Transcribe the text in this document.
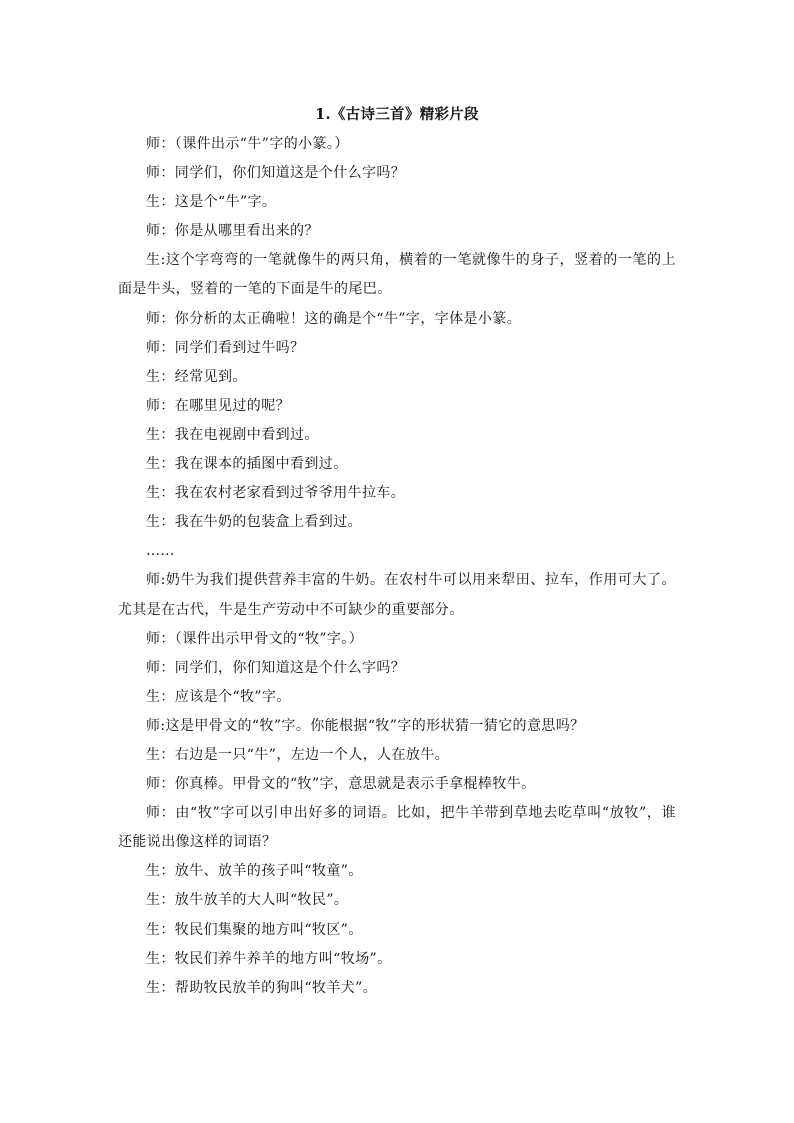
1.《古诗三首》精彩片段

师：（课件出示“牛”字的小篆。）

师：同学们，你们知道这是个什么字吗？

生：这是个“牛”字。

师：你是从哪里看出来的？

生:这个字弯弯的一笔就像牛的两只角，横着的一笔就像牛的身子，竖着的一笔的上面是牛头，竖着的一笔的下面是牛的尾巴。

师：你分析的太正确啦！这的确是个“牛”字，字体是小篆。

师：同学们看到过牛吗？

生：经常见到。

师：在哪里见过的呢？

生：我在电视剧中看到过。

生：我在课本的插图中看到过。

生：我在农村老家看到过爷爷用牛拉车。

生：我在牛奶的包装盒上看到过。

……

师:奶牛为我们提供营养丰富的牛奶。在农村牛可以用来犁田、拉车，作用可大了。尤其是在古代，牛是生产劳动中不可缺少的重要部分。

师：（课件出示甲骨文的“牧”字。）

师：同学们，你们知道这是个什么字吗？

生：应该是个“牧”字。

师:这是甲骨文的“牧”字。你能根据“牧”字的形状猜一猜它的意思吗？

生：右边是一只“牛”，左边一个人，人在放牛。

师：你真棒。甲骨文的“牧”字，意思就是表示手拿棍棒牧牛。

师：由“牧”字可以引申出好多的词语。比如，把牛羊带到草地去吃草叫“放牧”，谁还能说出像这样的词语？

生：放牛、放羊的孩子叫“牧童”。

生：放牛放羊的大人叫“牧民”。

生：牧民们集聚的地方叫“牧区”。

生：牧民们养牛养羊的地方叫“牧场”。

生：帮助牧民放羊的狗叫“牧羊犬”。
